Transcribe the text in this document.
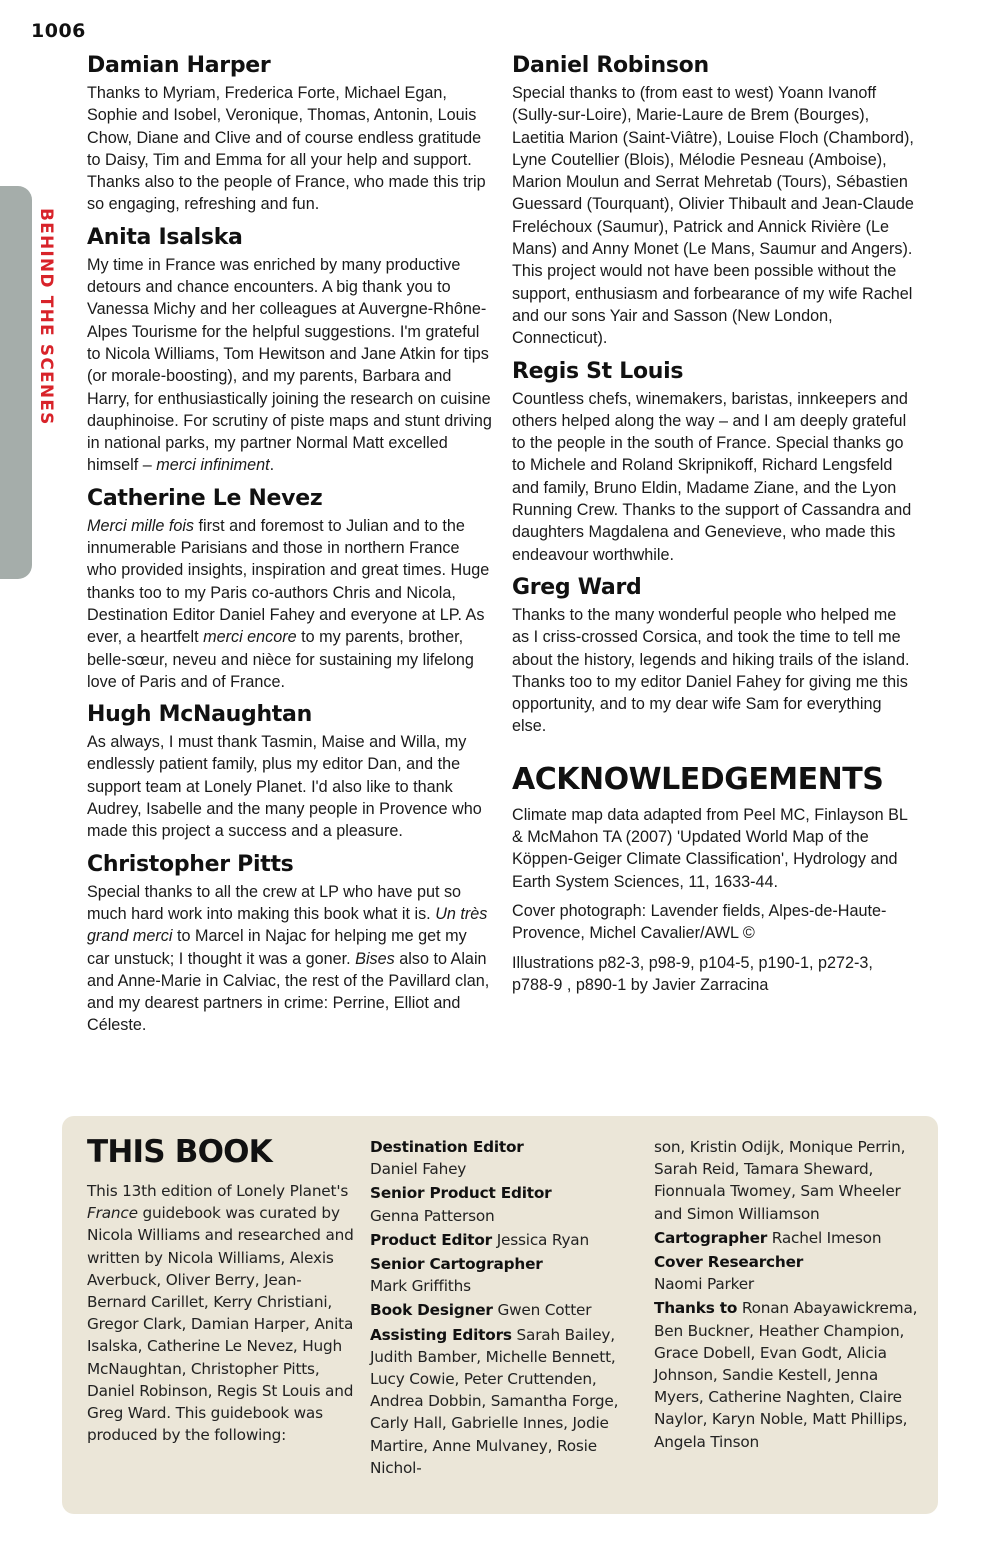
1006
BEHIND THE SCENES
Damian Harper

Thanks to Myriam, Frederica Forte, Michael Egan, Sophie and Isobel, Veronique, Thomas, Antonin, Louis Chow, Diane and Clive and of course endless gratitude to Daisy, Tim and Emma for all your help and support. Thanks also to the people of France, who made this trip so engaging, refreshing and fun.

Anita Isalska

My time in France was enriched by many productive detours and chance encounters. A big thank you to Vanessa Michy and her colleagues at Auvergne-Rhône-Alpes Tourisme for the helpful suggestions. I'm grateful to Nicola Williams, Tom Hewitson and Jane Atkin for tips (or morale-boosting), and my parents, Barbara and Harry, for enthusiastically joining the research on cuisine dauphinoise. For scrutiny of piste maps and stunt driving in national parks, my partner Normal Matt excelled himself – merci infiniment.

Catherine Le Nevez

Merci mille fois first and foremost to Julian and to the innumerable Parisians and those in northern France who provided insights, inspiration and great times. Huge thanks too to my Paris co-authors Chris and Nicola, Destination Editor Daniel Fahey and everyone at LP. As ever, a heartfelt merci encore to my parents, brother, belle-sœur, neveu and nièce for sustaining my lifelong love of Paris and of France.

Hugh McNaughtan

As always, I must thank Tasmin, Maise and Willa, my endlessly patient family, plus my editor Dan, and the support team at Lonely Planet. I'd also like to thank Audrey, Isabelle and the many people in Provence who made this project a success and a pleasure.

Christopher Pitts

Special thanks to all the crew at LP who have put so much hard work into making this book what it is. Un très grand merci to Marcel in Najac for helping me get my car unstuck; I thought it was a goner. Bises also to Alain and Anne-Marie in Calviac, the rest of the Pavillard clan, and my dearest partners in crime: Perrine, Elliot and Céleste.

Daniel Robinson

Special thanks to (from east to west) Yoann Ivanoff (Sully-sur-Loire), Marie-Laure de Brem (Bourges), Laetitia Marion (Saint-Viâtre), Louise Floch (Chambord), Lyne Coutellier (Blois), Mélodie Pesneau (Amboise), Marion Moulun and Serrat Mehretab (Tours), Sébastien Guessard (Tourquant), Olivier Thibault and Jean-Claude Freléchoux (Saumur), Patrick and Annick Rivière (Le Mans) and Anny Monet (Le Mans, Saumur and Angers). This project would not have been possible without the support, enthusiasm and forbearance of my wife Rachel and our sons Yair and Sasson (New London, Connecticut).

Regis St Louis

Countless chefs, winemakers, baristas, innkeepers and others helped along the way – and I am deeply grateful to the people in the south of France. Special thanks go to Michele and Roland Skripnikoff, Richard Lengsfeld and family, Bruno Eldin, Madame Ziane, and the Lyon Running Crew. Thanks to the support of Cassandra and daughters Magdalena and Genevieve, who made this endeavour worthwhile.

Greg Ward

Thanks to the many wonderful people who helped me as I criss-crossed Corsica, and took the time to tell me about the history, legends and hiking trails of the island. Thanks too to my editor Daniel Fahey for giving me this opportunity, and to my dear wife Sam for everything else.

ACKNOWLEDGEMENTS

Climate map data adapted from Peel MC, Finlayson BL & McMahon TA (2007) 'Updated World Map of the Köppen-Geiger Climate Classification', Hydrology and Earth System Sciences, 11, 1633-44.

Cover photograph: Lavender fields, Alpes-de-Haute-Provence, Michel Cavalier/AWL ©

Illustrations p82-3, p98-9, p104-5, p190-1, p272-3, p788-9 , p890-1 by Javier Zarracina

THIS BOOK

This 13th edition of Lonely Planet's France guidebook was curated by Nicola Williams and researched and written by Nicola Williams, Alexis Averbuck, Oliver Berry, Jean-Bernard Carillet, Kerry Christiani, Gregor Clark, Damian Harper, Anita Isalska, Catherine Le Nevez, Hugh McNaughtan, Christopher Pitts, Daniel Robinson, Regis St Louis and Greg Ward. This guidebook was produced by the following:

Destination Editor
Daniel Fahey

Senior Product Editor
Genna Patterson

Product Editor Jessica Ryan

Senior Cartographer
Mark Griffiths

Book Designer Gwen Cotter

Assisting Editors Sarah Bailey, Judith Bamber, Michelle Bennett, Lucy Cowie, Peter Cruttenden, Andrea Dobbin, Samantha Forge, Carly Hall, Gabrielle Innes, Jodie Martire, Anne Mulvaney, Rosie Nichol-

son, Kristin Odijk, Monique Perrin, Sarah Reid, Tamara Sheward, Fionnuala Twomey, Sam Wheeler and Simon Williamson

Cartographer Rachel Imeson

Cover Researcher
Naomi Parker

Thanks to Ronan Abayawickrema, Ben Buckner, Heather Champion, Grace Dobell, Evan Godt, Alicia Johnson, Sandie Kestell, Jenna Myers, Catherine Naghten, Claire Naylor, Karyn Noble, Matt Phillips, Angela Tinson
